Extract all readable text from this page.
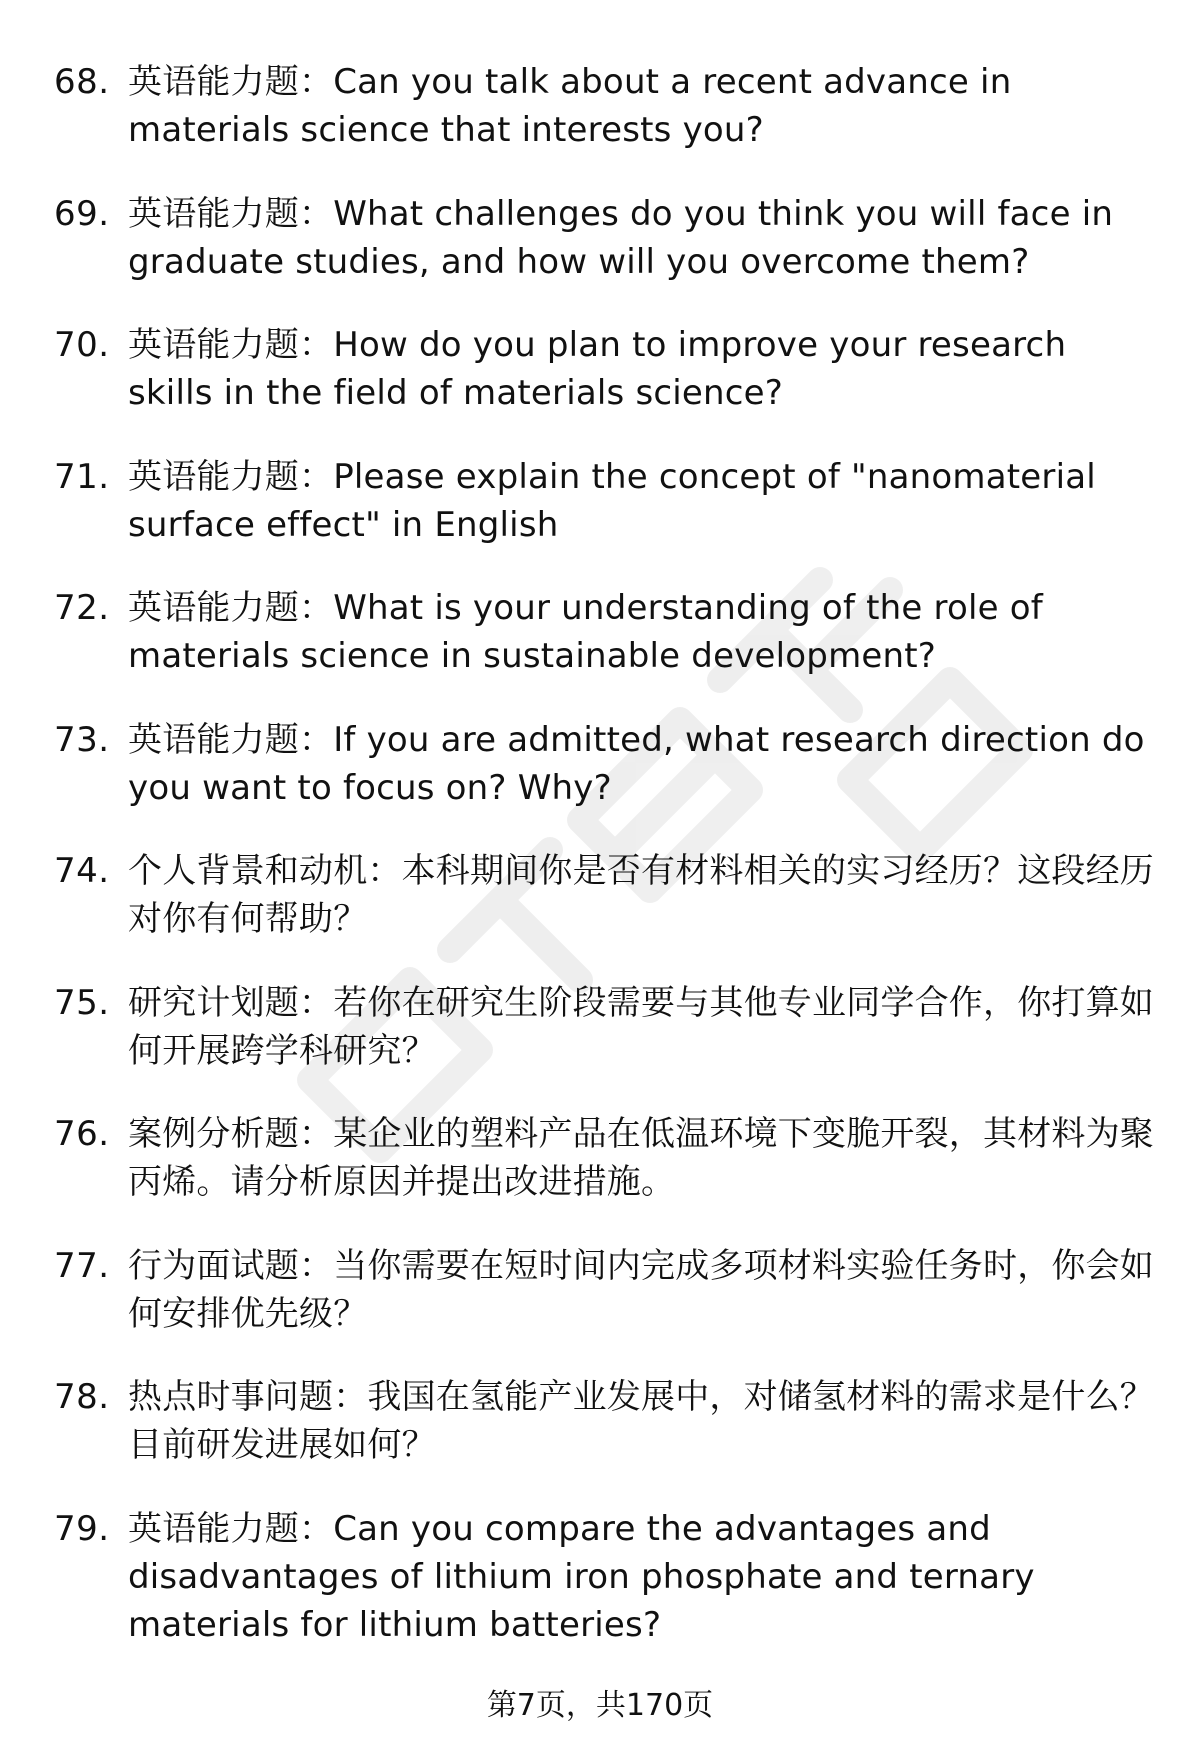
68. 英语能力题：Can you talk about a recent advance in materials science that interests you?
69. 英语能力题：What challenges do you think you will face in graduate studies, and how will you overcome them?
70. 英语能力题：How do you plan to improve your research skills in the field of materials science?
71. 英语能力题：Please explain the concept of "nanomaterial surface effect" in English
72. 英语能力题：What is your understanding of the role of materials science in sustainable development?
73. 英语能力题：If you are admitted, what research direction do you want to focus on? Why?
74. 个人背景和动机：本科期间你是否有材料相关的实习经历？这段经历对你有何帮助？
75. 研究计划题：若你在研究生阶段需要与其他专业同学合作，你打算如何开展跨学科研究？
76. 案例分析题：某企业的塑料产品在低温环境下变脆开裂，其材料为聚丙烯。请分析原因并提出改进措施。
77. 行为面试题：当你需要在短时间内完成多项材料实验任务时，你会如何安排优先级？
78. 热点时事问题：我国在氢能产业发展中，对储氢材料的需求是什么？目前研发进展如何？
79. 英语能力题：Can you compare the advantages and disadvantages of lithium iron phosphate and ternary materials for lithium batteries?
第7页，共170页
